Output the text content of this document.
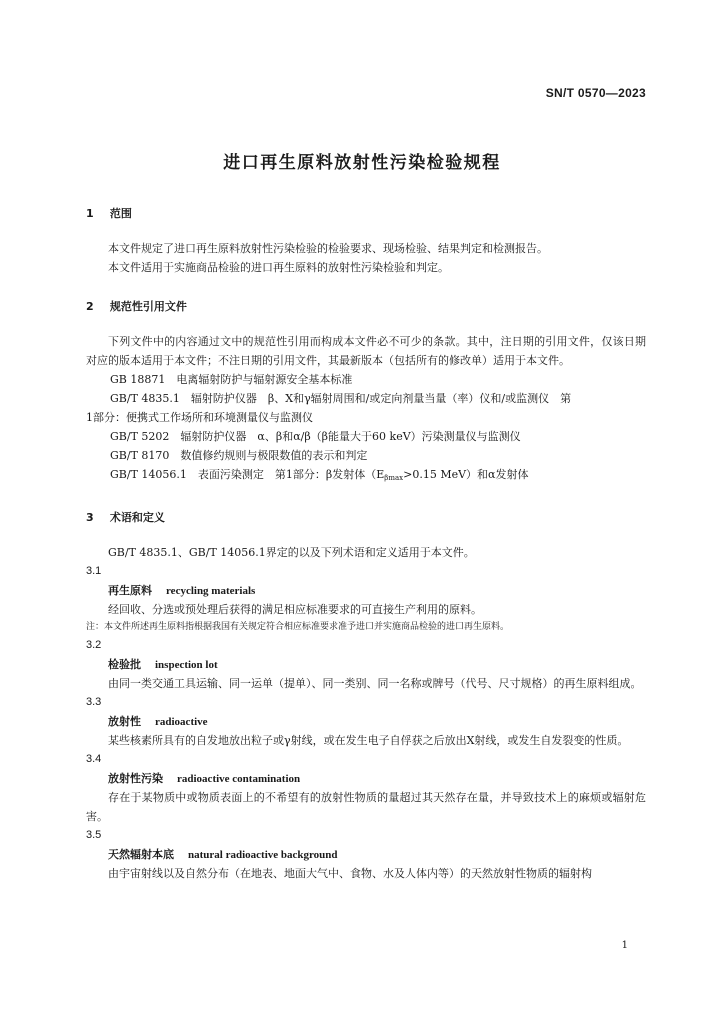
SN/T 0570—2023
进口再生原料放射性污染检验规程
1 范围
本文件规定了进口再生原料放射性污染检验的检验要求、现场检验、结果判定和检测报告。
本文件适用于实施商品检验的进口再生原料的放射性污染检验和判定。
2 规范性引用文件
下列文件中的内容通过文中的规范性引用而构成本文件必不可少的条款。其中，注日期的引用文件，仅该日期对应的版本适用于本文件；不注日期的引用文件，其最新版本（包括所有的修改单）适用于本文件。
GB 18871　电离辐射防护与辐射源安全基本标准
GB/T 4835.1　辐射防护仪器　β、X和γ辐射周围和/或定向剂量当量（率）仪和/或监测仪　第
1部分：便携式工作场所和环境测量仪与监测仪
GB/T 5202　辐射防护仪器　α、β和α/β（β能量大于60 keV）污染测量仪与监测仪
GB/T 8170　数值修约规则与极限数值的表示和判定
GB/T 14056.1　表面污染测定　第1部分：β发射体（$E_{\beta max}>0.15$ MeV）和α发射体
3 术语和定义
GB/T 4835.1、GB/T 14056.1界定的以及下列术语和定义适用于本文件。
3.1
再生原料 recycling materials
经回收、分选或预处理后获得的满足相应标准要求的可直接生产利用的原料。
注：本文件所述再生原料指根据我国有关规定符合相应标准要求准予进口并实施商品检验的进口再生原料。
3.2
检验批 inspection lot
由同一类交通工具运输、同一运单（提单）、同一类别、同一名称或牌号（代号、尺寸规格）的再生原料组成。
3.3
放射性 radioactive
某些核素所具有的自发地放出粒子或γ射线，或在发生电子自俘获之后放出X射线，或发生自发裂变的性质。
3.4
放射性污染 radioactive contamination
存在于某物质中或物质表面上的不希望有的放射性物质的量超过其天然存在量，并导致技术上的麻烦或辐射危害。
3.5
天然辐射本底 natural radioactive background
由宇宙射线以及自然分布（在地表、地面大气中、食物、水及人体内等）的天然放射性物质的辐射构
1
